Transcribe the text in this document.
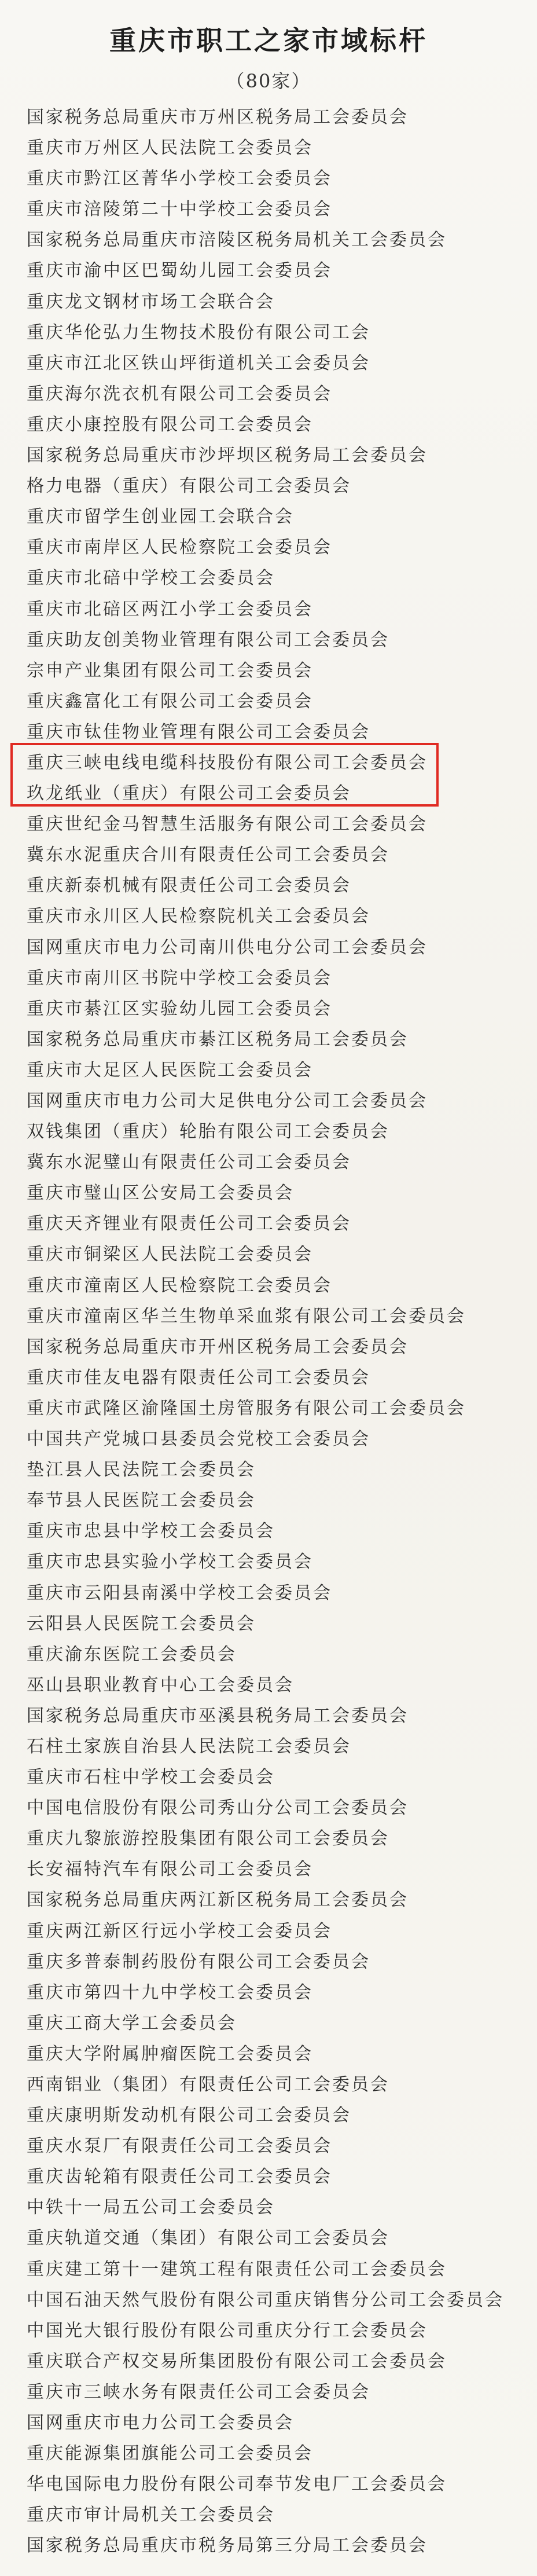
重庆市职工之家市域标杆
（80家）
国家税务总局重庆市万州区税务局工会委员会
重庆市万州区人民法院工会委员会
重庆市黔江区菁华小学校工会委员会
重庆市涪陵第二十中学校工会委员会
国家税务总局重庆市涪陵区税务局机关工会委员会
重庆市渝中区巴蜀幼儿园工会委员会
重庆龙文钢材市场工会联合会
重庆华伦弘力生物技术股份有限公司工会
重庆市江北区铁山坪街道机关工会委员会
重庆海尔洗衣机有限公司工会委员会
重庆小康控股有限公司工会委员会
国家税务总局重庆市沙坪坝区税务局工会委员会
格力电器（重庆）有限公司工会委员会
重庆市留学生创业园工会联合会
重庆市南岸区人民检察院工会委员会
重庆市北碚中学校工会委员会
重庆市北碚区两江小学工会委员会
重庆助友创美物业管理有限公司工会委员会
宗申产业集团有限公司工会委员会
重庆鑫富化工有限公司工会委员会
重庆市钛佳物业管理有限公司工会委员会
重庆三峡电线电缆科技股份有限公司工会委员会
玖龙纸业（重庆）有限公司工会委员会
重庆世纪金马智慧生活服务有限公司工会委员会
冀东水泥重庆合川有限责任公司工会委员会
重庆新泰机械有限责任公司工会委员会
重庆市永川区人民检察院机关工会委员会
国网重庆市电力公司南川供电分公司工会委员会
重庆市南川区书院中学校工会委员会
重庆市綦江区实验幼儿园工会委员会
国家税务总局重庆市綦江区税务局工会委员会
重庆市大足区人民医院工会委员会
国网重庆市电力公司大足供电分公司工会委员会
双钱集团（重庆）轮胎有限公司工会委员会
冀东水泥璧山有限责任公司工会委员会
重庆市璧山区公安局工会委员会
重庆天齐锂业有限责任公司工会委员会
重庆市铜梁区人民法院工会委员会
重庆市潼南区人民检察院工会委员会
重庆市潼南区华兰生物单采血浆有限公司工会委员会
国家税务总局重庆市开州区税务局工会委员会
重庆市佳友电器有限责任公司工会委员会
重庆市武隆区渝隆国土房管服务有限公司工会委员会
中国共产党城口县委员会党校工会委员会
垫江县人民法院工会委员会
奉节县人民医院工会委员会
重庆市忠县中学校工会委员会
重庆市忠县实验小学校工会委员会
重庆市云阳县南溪中学校工会委员会
云阳县人民医院工会委员会
重庆渝东医院工会委员会
巫山县职业教育中心工会委员会
国家税务总局重庆市巫溪县税务局工会委员会
石柱土家族自治县人民法院工会委员会
重庆市石柱中学校工会委员会
中国电信股份有限公司秀山分公司工会委员会
重庆九黎旅游控股集团有限公司工会委员会
长安福特汽车有限公司工会委员会
国家税务总局重庆两江新区税务局工会委员会
重庆两江新区行远小学校工会委员会
重庆多普泰制药股份有限公司工会委员会
重庆市第四十九中学校工会委员会
重庆工商大学工会委员会
重庆大学附属肿瘤医院工会委员会
西南铝业（集团）有限责任公司工会委员会
重庆康明斯发动机有限公司工会委员会
重庆水泵厂有限责任公司工会委员会
重庆齿轮箱有限责任公司工会委员会
中铁十一局五公司工会委员会
重庆轨道交通（集团）有限公司工会委员会
重庆建工第十一建筑工程有限责任公司工会委员会
中国石油天然气股份有限公司重庆销售分公司工会委员会
中国光大银行股份有限公司重庆分行工会委员会
重庆联合产权交易所集团股份有限公司工会委员会
重庆市三峡水务有限责任公司工会委员会
国网重庆市电力公司工会委员会
重庆能源集团旗能公司工会委员会
华电国际电力股份有限公司奉节发电厂工会委员会
重庆市审计局机关工会委员会
国家税务总局重庆市税务局第三分局工会委员会
